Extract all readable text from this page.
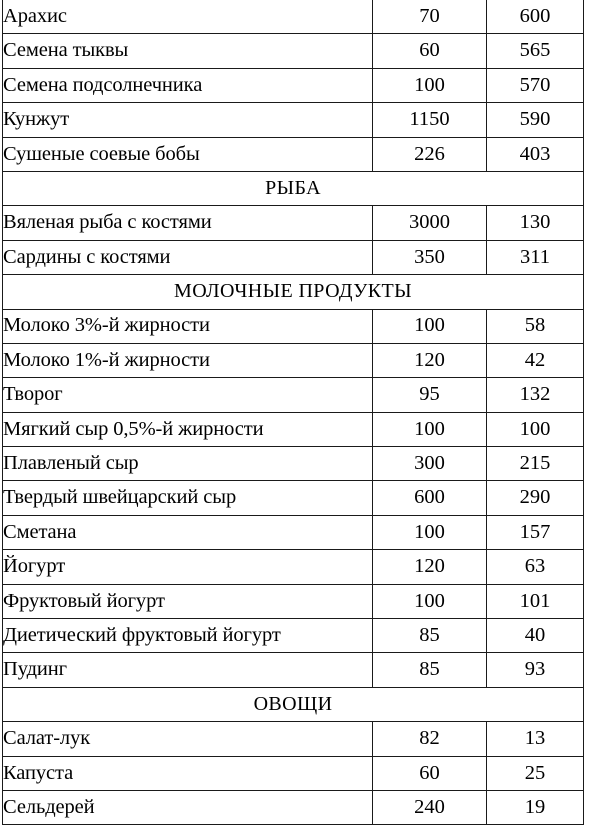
Арахис	70	600
Семена тыквы	60	565
Семена подсолнечника	100	570
Кунжут	1150	590
Сушеные соевые бобы	226	403
РЫБА		
Вяленая рыба с костями	3000	130
Сардины с костями	350	311
МОЛОЧНЫЕ ПРОДУКТЫ		
Молоко 3%-й жирности	100	58
Молоко 1%-й жирности	120	42
Творог	95	132
Мягкий сыр 0,5%-й жирности	100	100
Плавленый сыр	300	215
Твердый швейцарский сыр	600	290
Сметана	100	157
Йогурт	120	63
Фруктовый йогурт	100	101
Диетический фруктовый йогурт	85	40
Пудинг	85	93
ОВОЩИ		
Салат-лук	82	13
Капуста	60	25
Сельдерей	240	19
